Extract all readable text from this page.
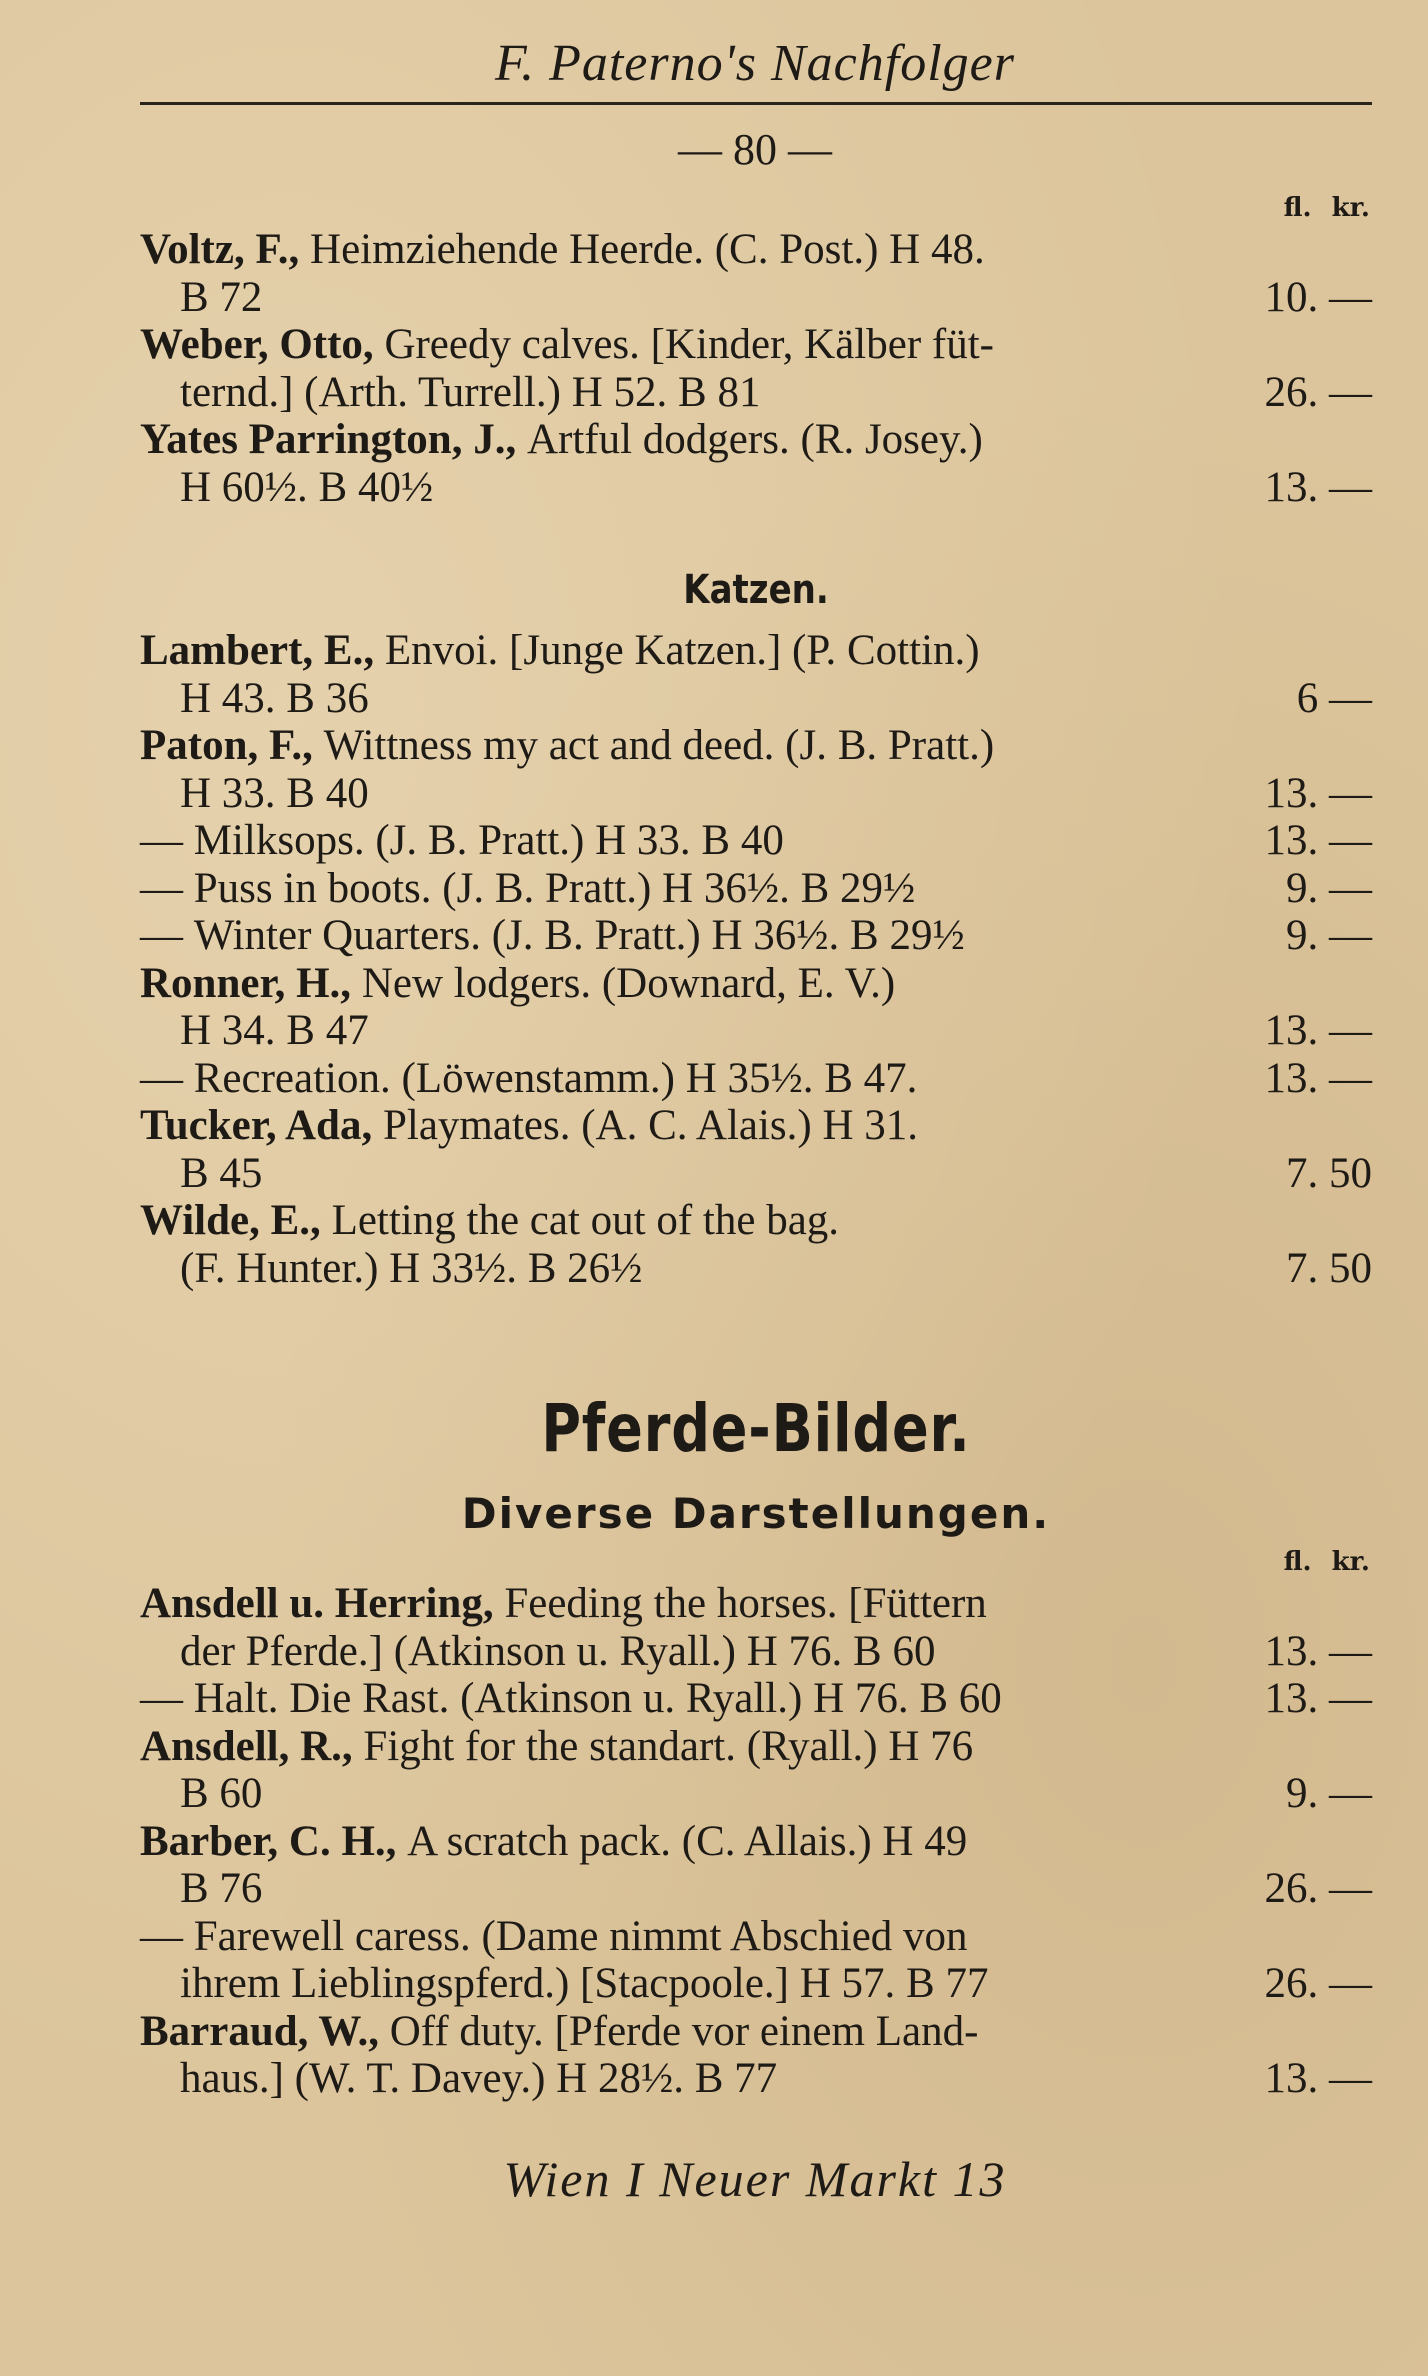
F. Paterno's Nachfolger
— 80 —
fl. kr.
Voltz, F., Heimziehende Heerde. (C. Post.) H 48.
B 72	10. —
Weber, Otto, Greedy calves. [Kinder, Kälber füt-
ternd.] (Arth. Turrell.) H 52. B 81	26. —
Yates Parrington, J., Artful dodgers. (R. Josey.)
H 60½. B 40½	13. —
Katzen.
Lambert, E., Envoi. [Junge Katzen.] (P. Cottin.)
H 43. B 36	6 —
Paton, F., Wittness my act and deed. (J. B. Pratt.)
H 33. B 40	13. —
— Milksops. (J. B. Pratt.) H 33. B 40	13. —
— Puss in boots. (J. B. Pratt.) H 36½. B 29½	9. —
— Winter Quarters. (J. B. Pratt.) H 36½. B 29½	9. —
Ronner, H., New lodgers. (Downard, E. V.)
H 34. B 47	13. —
— Recreation. (Löwenstamm.) H 35½. B 47.	13. —
Tucker, Ada, Playmates. (A. C. Alais.) H 31.
B 45	7. 50
Wilde, E., Letting the cat out of the bag.
(F. Hunter.) H 33½. B 26½	7. 50
Pferde-Bilder.
Diverse Darstellungen.
fl. kr.
Ansdell u. Herring, Feeding the horses. [Füttern
der Pferde.] (Atkinson u. Ryall.) H 76. B 60	13. —
— Halt. Die Rast. (Atkinson u. Ryall.) H 76. B 60	13. —
Ansdell, R., Fight for the standart. (Ryall.) H 76
B 60	9. —
Barber, C. H., A scratch pack. (C. Allais.) H 49
B 76	26. —
— Farewell caress. (Dame nimmt Abschied von
ihrem Lieblingspferd.) [Stacpoole.] H 57. B 77	26. —
Barraud, W., Off duty. [Pferde vor einem Land-
haus.] (W. T. Davey.) H 28½. B 77	13. —
Wien I Neuer Markt 13
